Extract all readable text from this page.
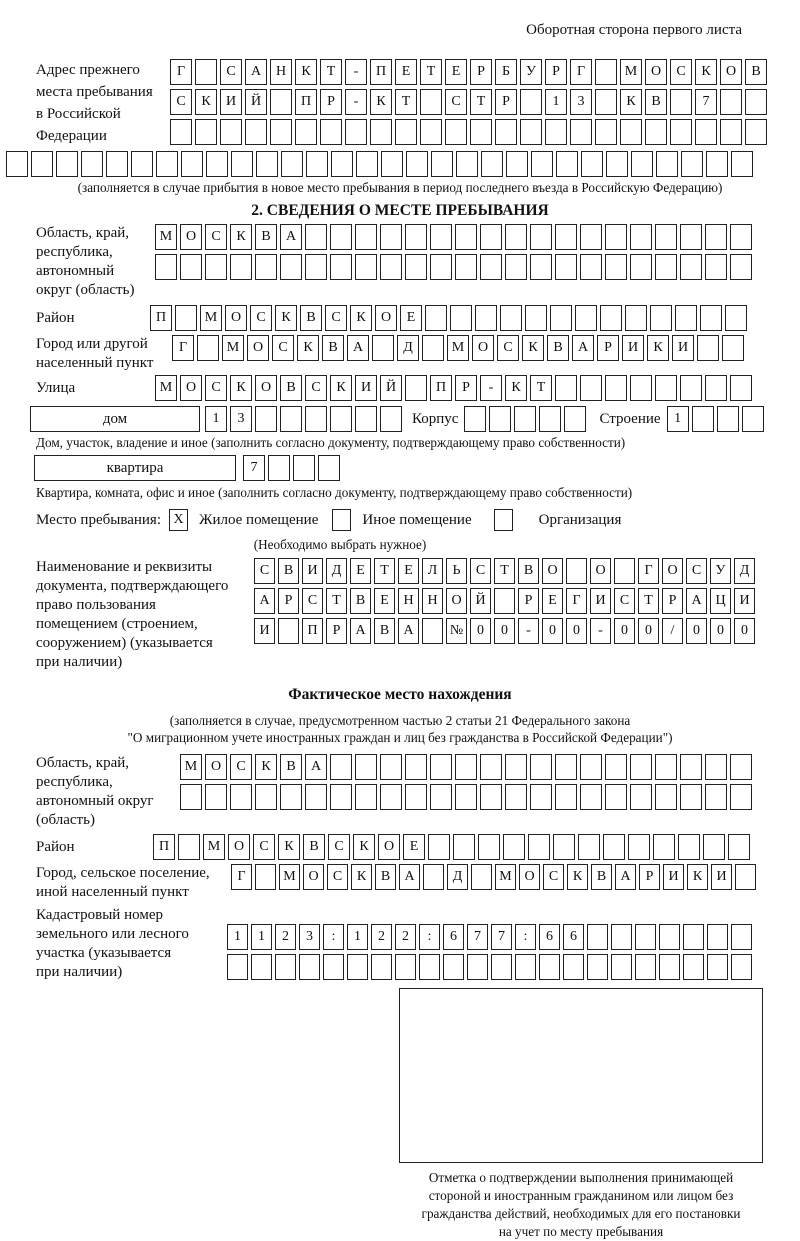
Оборотная сторона первого листа
Адрес прежнего
места пребывания
в Российской
Федерации
Г	С	А	Н	К	Т	-	П	Е	Т	Е	Р	Б	У	Р	Г	М О	С	К	О	В
С	К	И	Й	П	Р	-	К	Т	С	Т	Р	1	3	К	В	7
(заполняется в случае прибытия в новое место пребывания в период последнего въезда в Российскую Федерацию)
2. СВЕДЕНИЯ О МЕСТЕ ПРЕБЫВАНИЯ
Область, край,
республика,
автономный
округ (область)
М О	С	К	В	А
Район	П	М О	С	К	В	С	К	О	Е
Город или другой
населенный пункт
Г	М О	С	К	В	А	Д	М О	С	К	В	А	Р	И	К	И
Улица	М О	С	К	О	В	С	К	И	Й	П	Р	-	К	Т
дом	1	3	Корпус	Строение 1
Дом, участок, владение и иное (заполнить согласно документу, подтверждающему право собственности)
квартира	7
Квартира, комната, офис и иное (заполнить согласно документу, подтверждающему право собственности)
Место пребывания: X Жилое помещение	Иное помещение	Организация
(Необходимо выбрать нужное)
Наименование и реквизиты
документа, подтверждающего
право пользования
помещением (строением,
сооружением) (указывается
при наличии)
С	В	И	Д	Е	Т	Е	Л	Ь	С	Т	В	О	О	Г	О	С	У	Д
А	Р	С	Т	В	Е	Н Н О Й	Р	Е	Г	И	С	Т	Р	А Ц И
И	П	Р	А	В	А	№ 0	0	-	0	0	-	0	0	/	0	0	0
Фактическое место нахождения
(заполняется в случае, предусмотренном частью 2 статьи 21 Федерального закона
"О миграционном учете иностранных граждан и лиц без гражданства в Российской Федерации")
Область, край,
республика,
автономный округ
(область)
М О	С	К	В	А
Район	П	М О	С	К	В	С	К	О	Е
Город, сельское поселение,
иной населенный пункт
Г	М О	С	К	В	А	Д	М О	С	К	В	А	Р	И	К	И
Кадастровый номер
земельного или лесного
участка (указывается
при наличии)
1	1	2	3	:	1	2	2	:	6	7	7	:	6	6
Отметка о подтверждении выполнения принимающей
стороной и иностранным гражданином или лицом без
гражданства действий, необходимых для его постановки
на учет по месту пребывания
